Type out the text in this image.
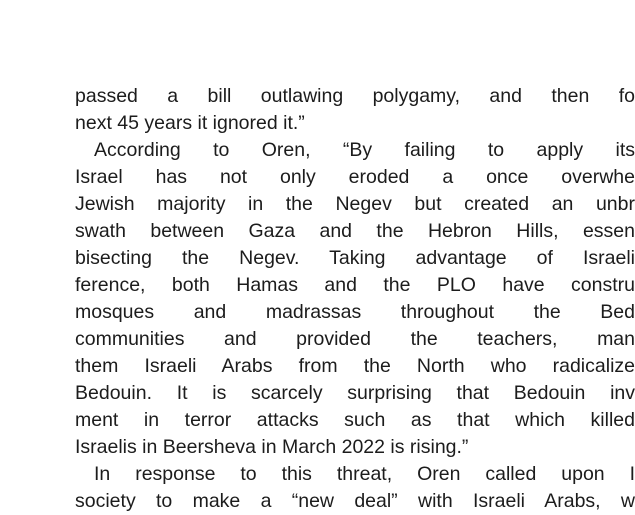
passed a bill outlawing polygamy, and then fo
next 45 years it ignored it.”
According to Oren, “By failing to apply its
Israel has not only eroded a once overwhe
Jewish majority in the Negev but created an unbr
swath between Gaza and the Hebron Hills, essen
bisecting the Negev. Taking advantage of Israeli
ference, both Hamas and the PLO have constru
mosques and madrassas throughout the Bed
communities and provided the teachers, man
them Israeli Arabs from the North who radicalize
Bedouin. It is scarcely surprising that Bedouin inv
ment in terror attacks such as that which killed
Israelis in Beersheva in March 2022 is rising.”
In response to this threat, Oren called upon I
society to make a “new deal” with Israeli Arabs, w
